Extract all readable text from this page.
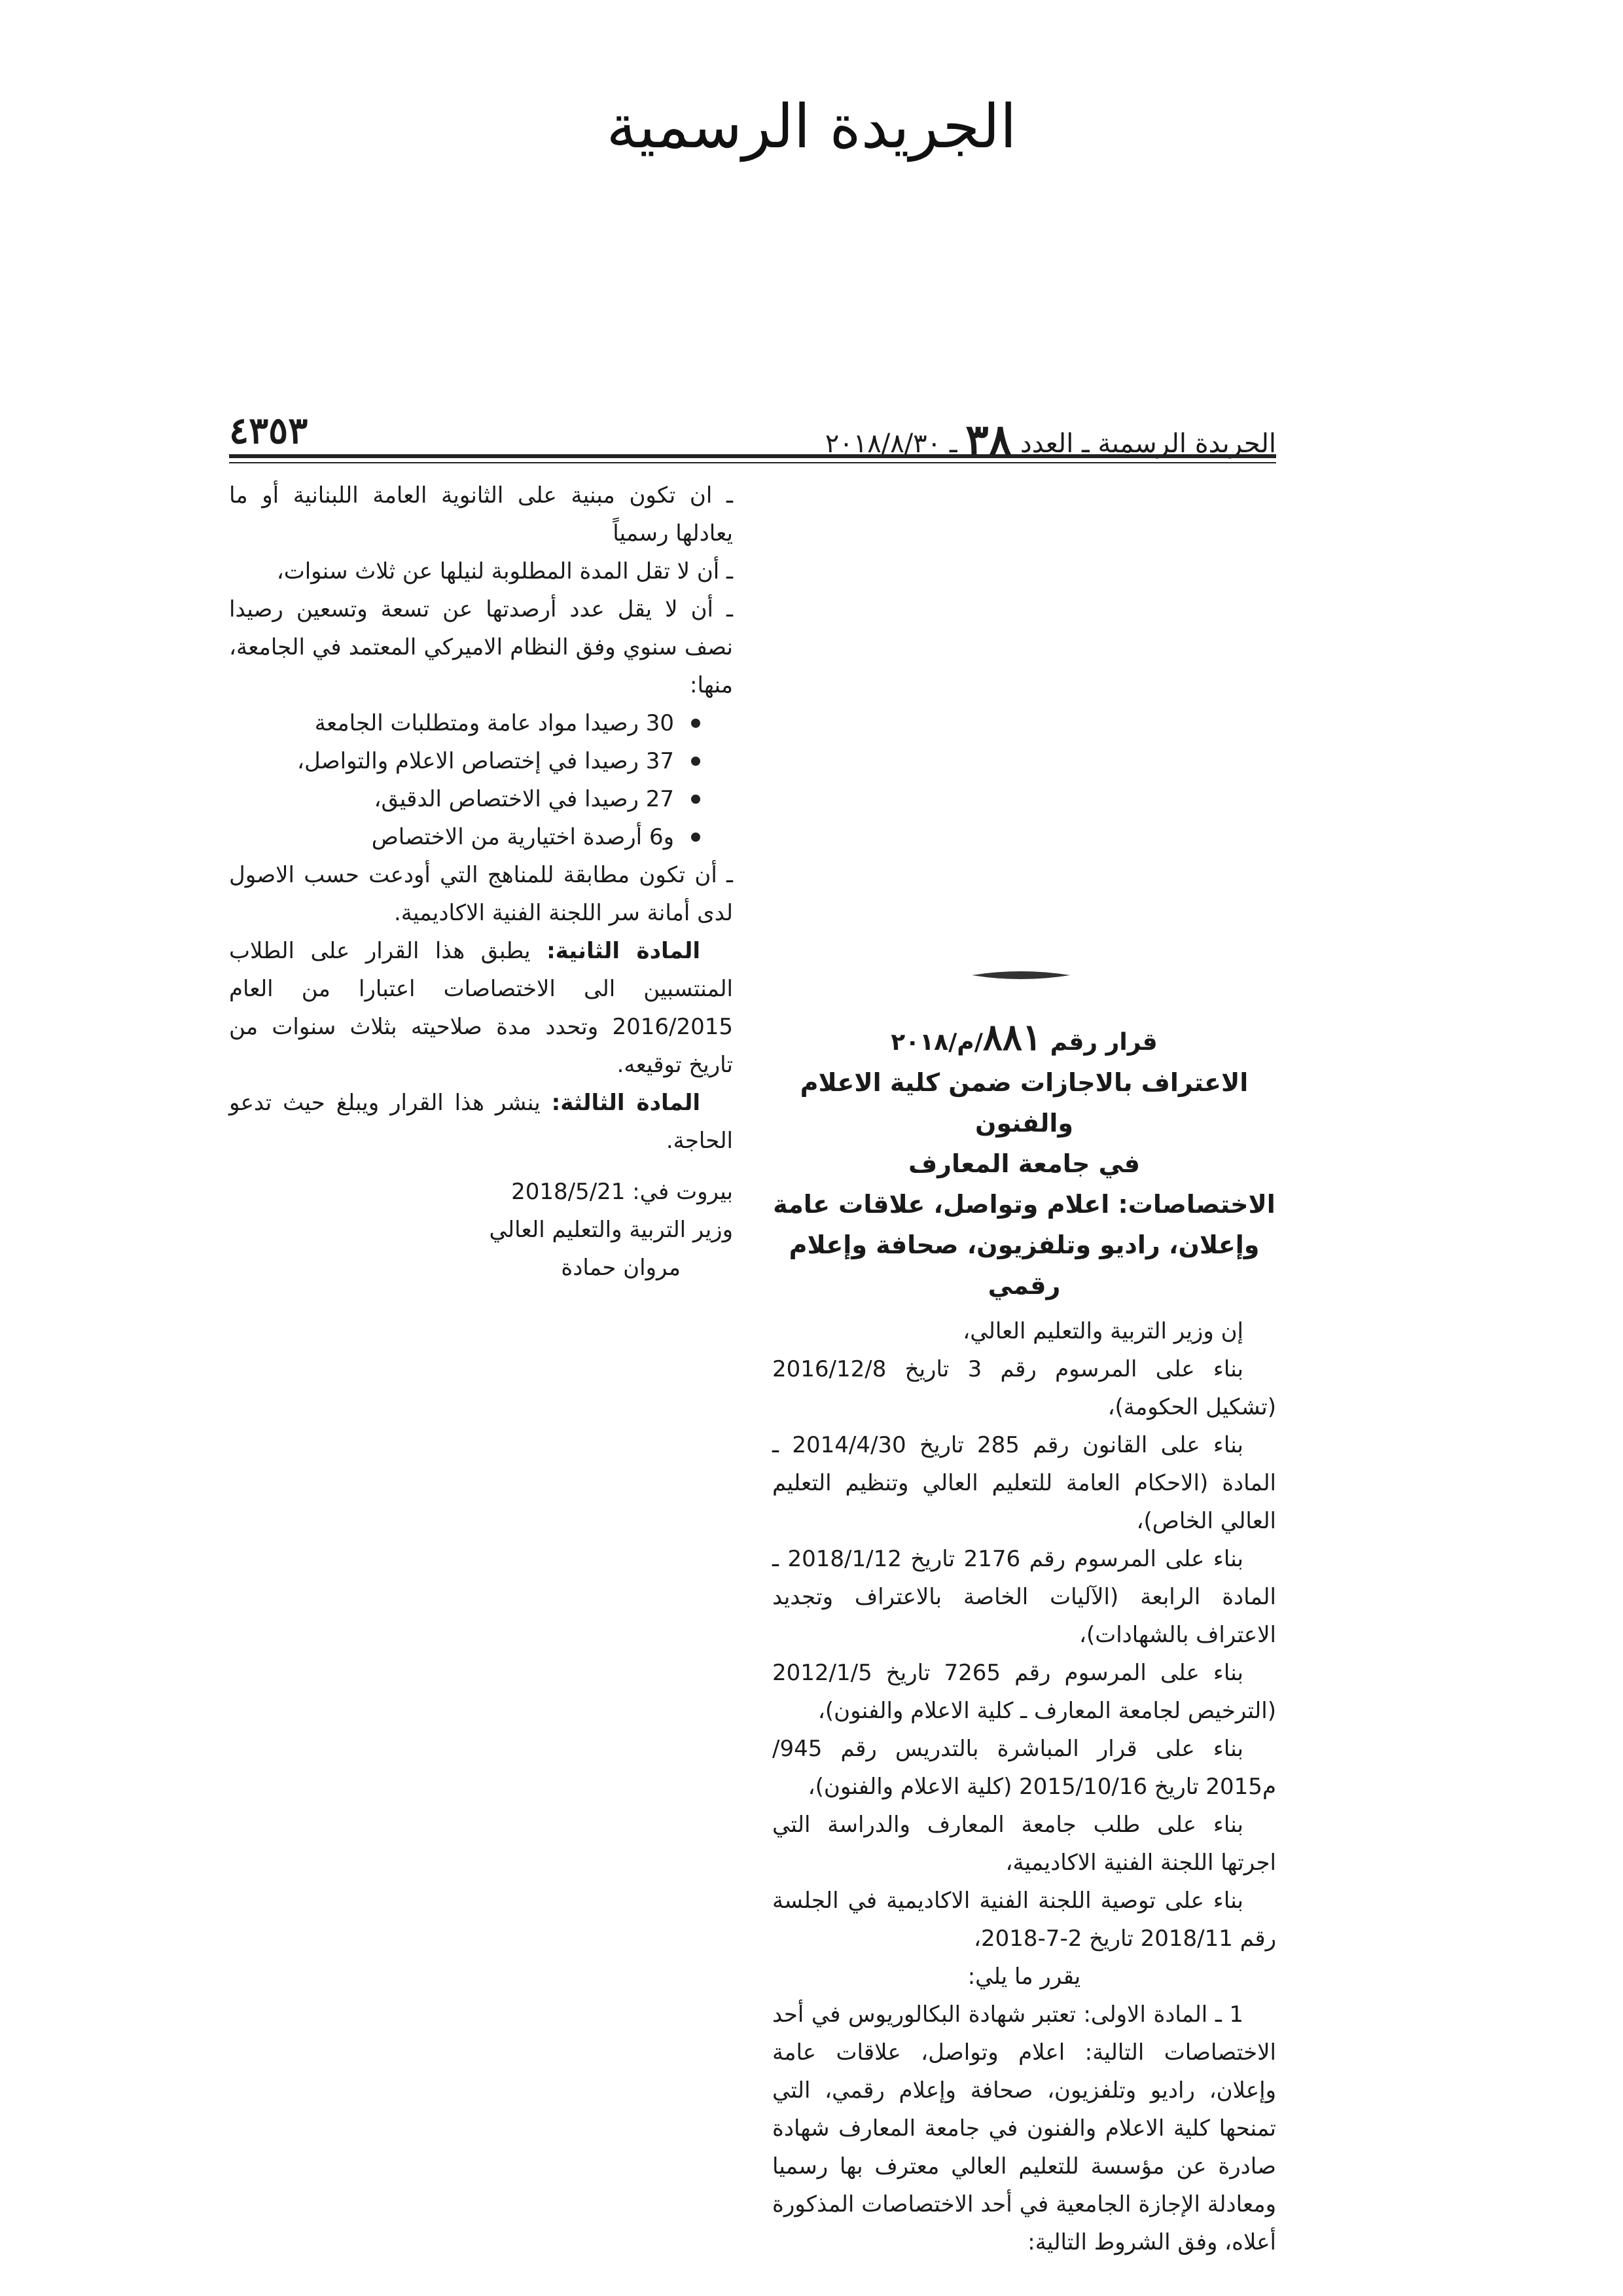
الجريدة الرسمية
الجريدة الرسمية ـ العدد ٣٨ ـ ٢٠١٨/٨/٣٠
٤٣٥٣
قرار رقم ٨٨١/م/٢٠١٨
الاعتراف بالاجازات ضمن كلية الاعلام والفنون
في جامعة المعارف
الاختصاصات: اعلام وتواصل، علاقات عامة
وإعلان، راديو وتلفزيون، صحافة وإعلام رقمي

إن وزير التربية والتعليم العالي،

بناء على المرسوم رقم 3 تاريخ 2016/12/8 (تشكيل الحكومة)،

بناء على القانون رقم 285 تاريخ 2014/4/30 ـ المادة (الاحكام العامة للتعليم العالي وتنظيم التعليم العالي الخاص)،

بناء على المرسوم رقم 2176 تاريخ 2018/1/12 ـ المادة الرابعة (الآليات الخاصة بالاعتراف وتجديد الاعتراف بالشهادات)،

بناء على المرسوم رقم 7265 تاريخ 2012/1/5 (الترخيص لجامعة المعارف ـ كلية الاعلام والفنون)،

بناء على قرار المباشرة بالتدريس رقم 945/م2015 تاريخ 2015/10/16 (كلية الاعلام والفنون)،

بناء على طلب جامعة المعارف والدراسة التي اجرتها اللجنة الفنية الاكاديمية،

بناء على توصية اللجنة الفنية الاكاديمية في الجلسة رقم 2018/11 تاريخ 2-7-2018،

يقرر ما يلي:

1 ـ المادة الاولى: تعتبر شهادة البكالوريوس في أحد الاختصاصات التالية: اعلام وتواصل، علاقات عامة وإعلان، راديو وتلفزيون، صحافة وإعلام رقمي، التي تمنحها كلية الاعلام والفنون في جامعة المعارف شهادة صادرة عن مؤسسة للتعليم العالي معترف بها رسميا ومعادلة الإجازة الجامعية في أحد الاختصاصات المذكورة أعلاه، وفق الشروط التالية:

ـ ان تكون مبنية على الثانوية العامة اللبنانية أو ما يعادلها رسمياً

ـ أن لا تقل المدة المطلوبة لنيلها عن ثلاث سنوات،

ـ أن لا يقل عدد أرصدتها عن تسعة وتسعين رصيدا نصف سنوي وفق النظام الاميركي المعتمد في الجامعة، منها:

30 رصيدا مواد عامة ومتطلبات الجامعة
37 رصيدا في إختصاص الاعلام والتواصل،
27 رصيدا في الاختصاص الدقيق،
و6 أرصدة اختيارية من الاختصاص

ـ أن تكون مطابقة للمناهج التي أودعت حسب الاصول لدى أمانة سر اللجنة الفنية الاكاديمية.

المادة الثانية: يطبق هذا القرار على الطلاب المنتسبين الى الاختصاصات اعتبارا من العام 2016/2015 وتحدد مدة صلاحيته بثلاث سنوات من تاريخ توقيعه.

المادة الثالثة: ينشر هذا القرار ويبلغ حيث تدعو الحاجة.

بيروت في: 2018/5/21

وزير التربية والتعليم العالي

مروان حمادة
